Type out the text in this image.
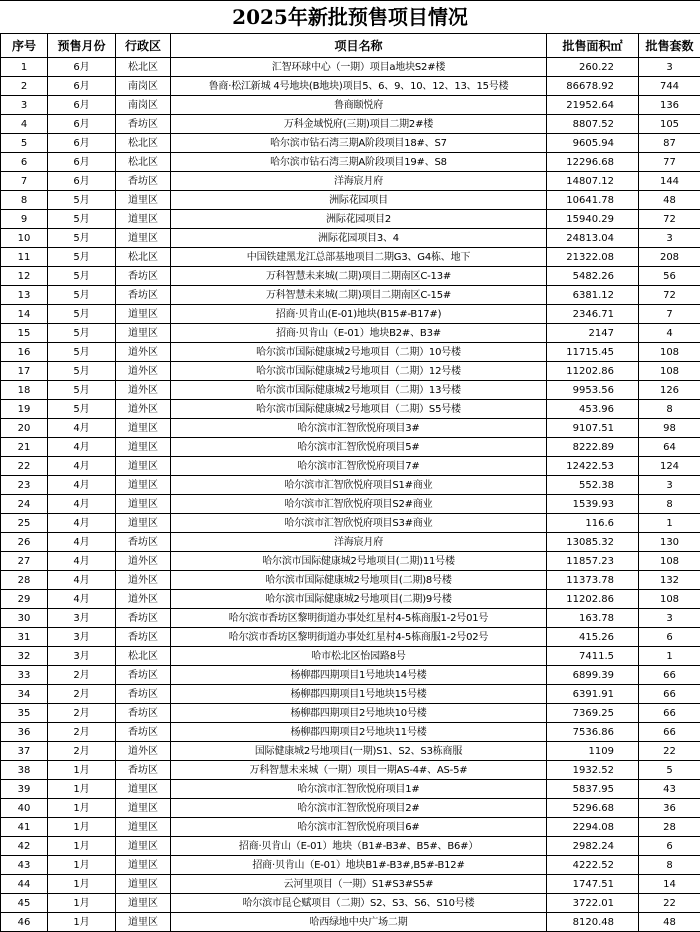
2025年新批预售项目情况
序号	预售月份	行政区	项目名称	批售面积㎡	批售套数
1	6月	松北区	汇智环球中心（一期）项目a地块S2#楼	260.22	3
2	6月	南岗区	鲁商·松江新城 4号地块(B地块)项目5、6、9、10、12、13、15号楼	86678.92	744
3	6月	南岗区	鲁商颐悦府	21952.64	136
4	6月	香坊区	万科金域悦府(三期)项目二期2#楼	8807.52	105
5	6月	松北区	哈尔滨市钻石湾三期A阶段项目18#、S7	9605.94	87
6	6月	松北区	哈尔滨市钻石湾三期A阶段项目19#、S8	12296.68	77
7	6月	香坊区	洋海宸月府	14807.12	144
8	5月	道里区	洲际花园项目	10641.78	48
9	5月	道里区	洲际花园项目2	15940.29	72
10	5月	道里区	洲际花园项目3、4	24813.04	3
11	5月	松北区	中国铁建黑龙江总部基地项目二期G3、G4栋、地下	21322.08	208
12	5月	香坊区	万科智慧未来城(二期)项目二期南区C-13#	5482.26	56
13	5月	香坊区	万科智慧未来城(二期)项目二期南区C-15#	6381.12	72
14	5月	道里区	招商·贝肯山(E-01)地块(B15#-B17#)	2346.71	7
15	5月	道里区	招商·贝肯山（E-01）地块B2#、B3#	2147	4
16	5月	道外区	哈尔滨市国际健康城2号地项目（二期）10号楼	11715.45	108
17	5月	道外区	哈尔滨市国际健康城2号地项目（二期）12号楼	11202.86	108
18	5月	道外区	哈尔滨市国际健康城2号地项目（二期）13号楼	9953.56	126
19	5月	道外区	哈尔滨市国际健康城2号地项目（二期）S5号楼	453.96	8
20	4月	道里区	哈尔滨市汇智欣悦府项目3#	9107.51	98
21	4月	道里区	哈尔滨市汇智欣悦府项目5#	8222.89	64
22	4月	道里区	哈尔滨市汇智欣悦府项目7#	12422.53	124
23	4月	道里区	哈尔滨市汇智欣悦府项目S1#商业	552.38	3
24	4月	道里区	哈尔滨市汇智欣悦府项目S2#商业	1539.93	8
25	4月	道里区	哈尔滨市汇智欣悦府项目S3#商业	116.6	1
26	4月	香坊区	洋海宸月府	13085.32	130
27	4月	道外区	哈尔滨市国际健康城2号地项目(二期)11号楼	11857.23	108
28	4月	道外区	哈尔滨市国际健康城2号地项目(二期)8号楼	11373.78	132
29	4月	道外区	哈尔滨市国际健康城2号地项目(二期)9号楼	11202.86	108
30	3月	香坊区	哈尔滨市香坊区黎明街道办事处红星村4-5栋商服1-2号01号	163.78	3
31	3月	香坊区	哈尔滨市香坊区黎明街道办事处红星村4-5栋商服1-2号02号	415.26	6
32	3月	松北区	哈市松北区怡园路8号	7411.5	1
33	2月	香坊区	杨柳郡四期项目1号地块14号楼	6899.39	66
34	2月	香坊区	杨柳郡四期项目1号地块15号楼	6391.91	66
35	2月	香坊区	杨柳郡四期项目2号地块10号楼	7369.25	66
36	2月	香坊区	杨柳郡四期项目2号地块11号楼	7536.86	66
37	2月	道外区	国际健康城2号地项目(一期)S1、S2、S3栋商服	1109	22
38	1月	香坊区	万科智慧未来城（一期）项目一期AS-4#、AS-5#	1932.52	5
39	1月	道里区	哈尔滨市汇智欣悦府项目1#	5837.95	43
40	1月	道里区	哈尔滨市汇智欣悦府项目2#	5296.68	36
41	1月	道里区	哈尔滨市汇智欣悦府项目6#	2294.08	28
42	1月	道里区	招商·贝肯山（E-01）地块（B1#-B3#、B5#、B6#）	2982.24	6
43	1月	道里区	招商·贝肯山（E-01）地块B1#-B3#,B5#-B12#	4222.52	8
44	1月	道里区	云河里项目（一期）S1#S3#S5#	1747.51	14
45	1月	道里区	哈尔滨市昆仑赋项目（二期）S2、S3、S6、S10号楼	3722.01	22
46	1月	道里区	哈西绿地中央广场二期	8120.48	48
